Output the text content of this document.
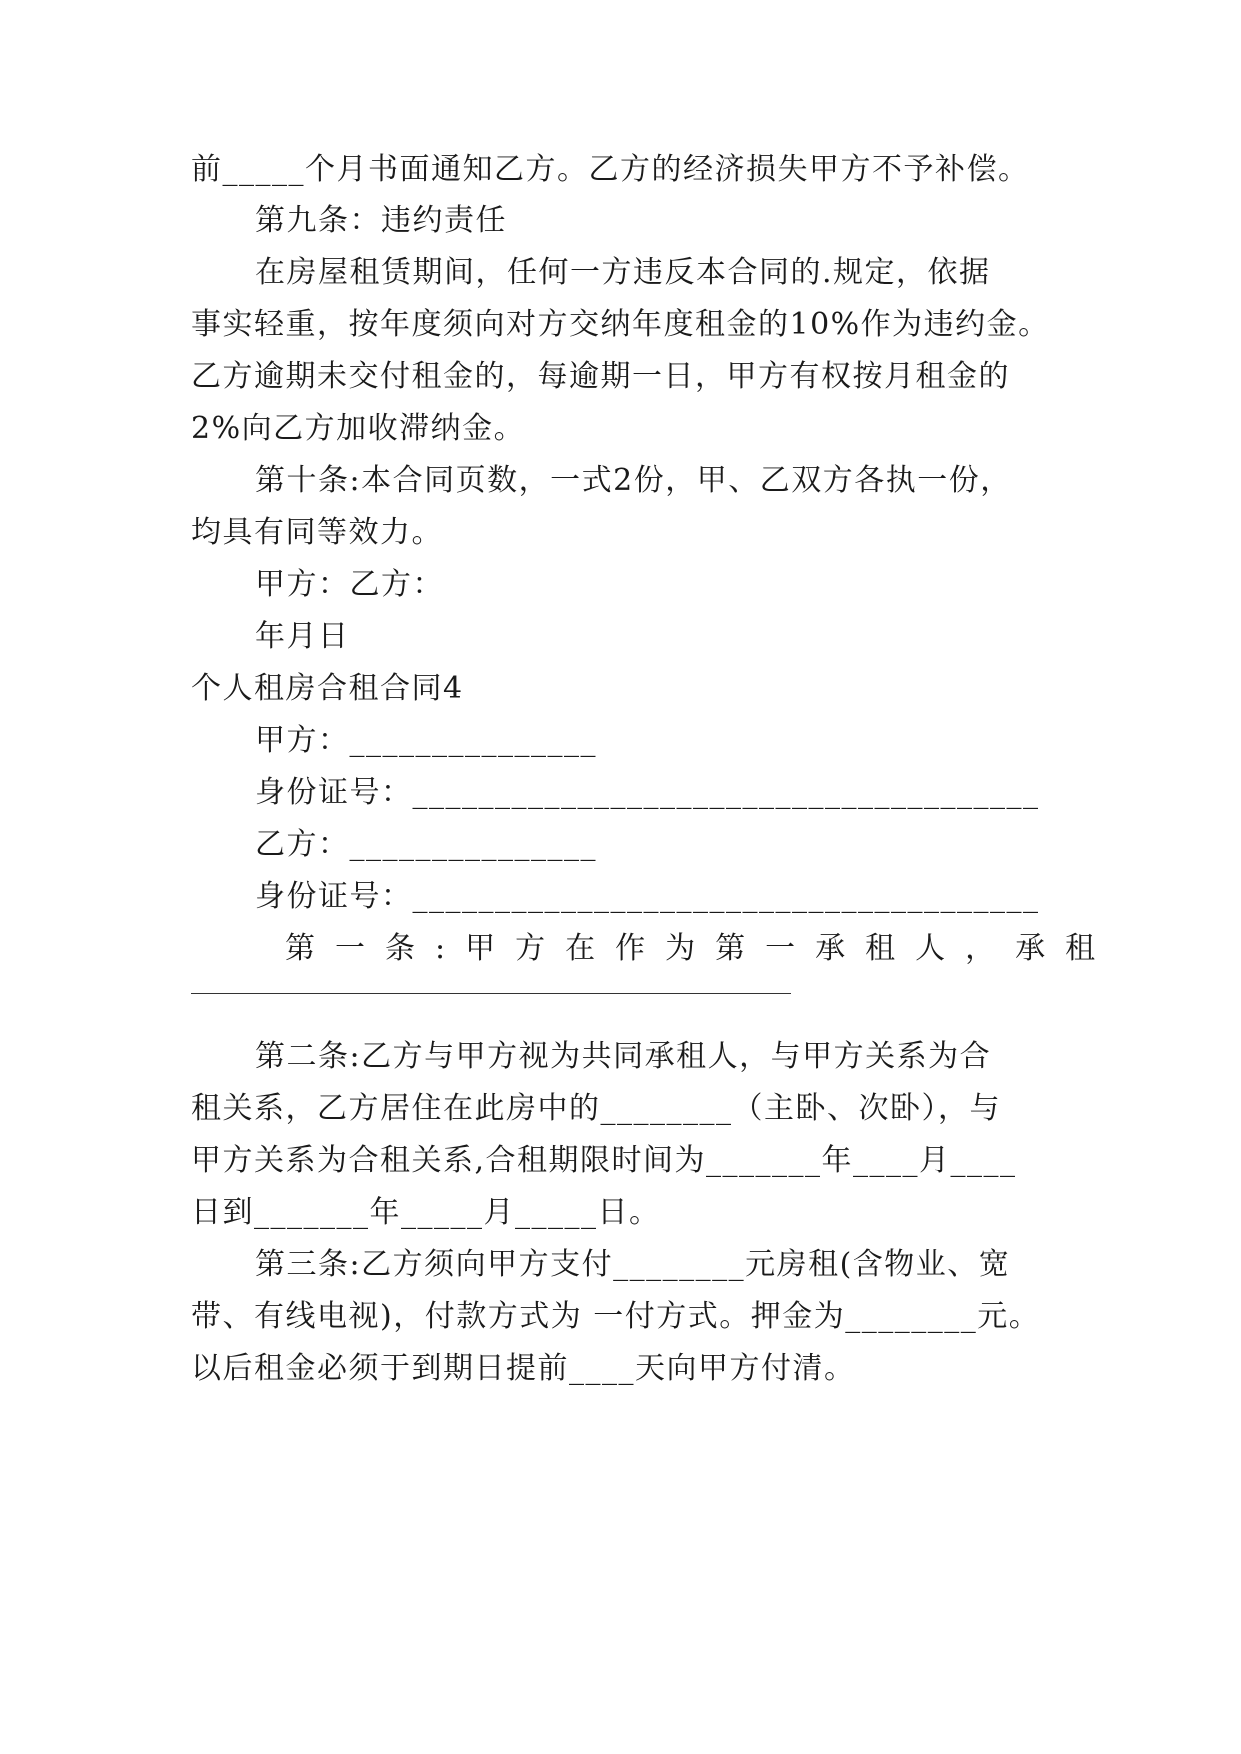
前_____个月书面通知乙方。乙方的经济损失甲方不予补偿。
第九条：违约责任
在房屋租赁期间，任何一方违反本合同的.规定，依据
事实轻重，按年度须向对方交纳年度租金的10%作为违约金。
乙方逾期未交付租金的，每逾期一日，甲方有权按月租金的
2%向乙方加收滞纳金。
第十条:本合同页数，一式2份，甲、乙双方各执一份，
均具有同等效力。
甲方：乙方：
年月日
个人租房合租合同4
甲方：_______________
身份证号：______________________________________
乙方：_______________
身份证号：______________________________________
第一条:甲方在作为第一承租人，承租
第二条:乙方与甲方视为共同承租人，与甲方关系为合
租关系，乙方居住在此房中的________（主卧、次卧），与
甲方关系为合租关系,合租期限时间为_______年____月____
日到_______年_____月_____日。
第三条:乙方须向甲方支付________元房租(含物业、宽
带、有线电视)，付款方式为 一付方式。押金为________元。
以后租金必须于到期日提前____天向甲方付清。
